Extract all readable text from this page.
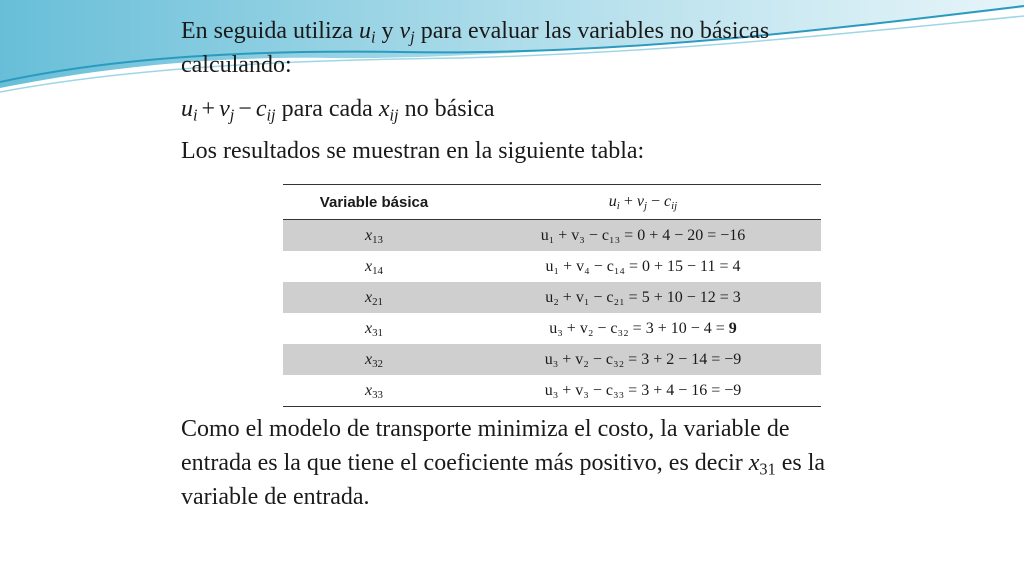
En seguida utiliza $u_i$ y $v_j$ para evaluar las variables no básicas calculando:
$u_i + v_j - c_{ij}$ para cada $x_{ij}$ no básica
Los resultados se muestran en la siguiente tabla:
Variable básica	$u_i + v_j - c_{ij}$
$x_{13}$	u₁ + v₃ − c₁₃ = 0 + 4 − 20 = −16
$x_{14}$	u₁ + v₄ − c₁₄ = 0 + 15 − 11 = 4
$x_{21}$	u₂ + v₁ − c₂₁ = 5 + 10 − 12 = 3
$x_{31}$	u₃ + v₂ − c₃₂ = 3 + 10 − 4 = 9
$x_{32}$	u₃ + v₂ − c₃₂ = 3 + 2 − 14 = −9
$x_{33}$	u₃ + v₃ − c₃₃ = 3 + 4 − 16 = −9
Como el modelo de transporte minimiza el costo, la variable de entrada es la que tiene el coeficiente más positivo, es decir $x_{31}$ es la variable de entrada.
